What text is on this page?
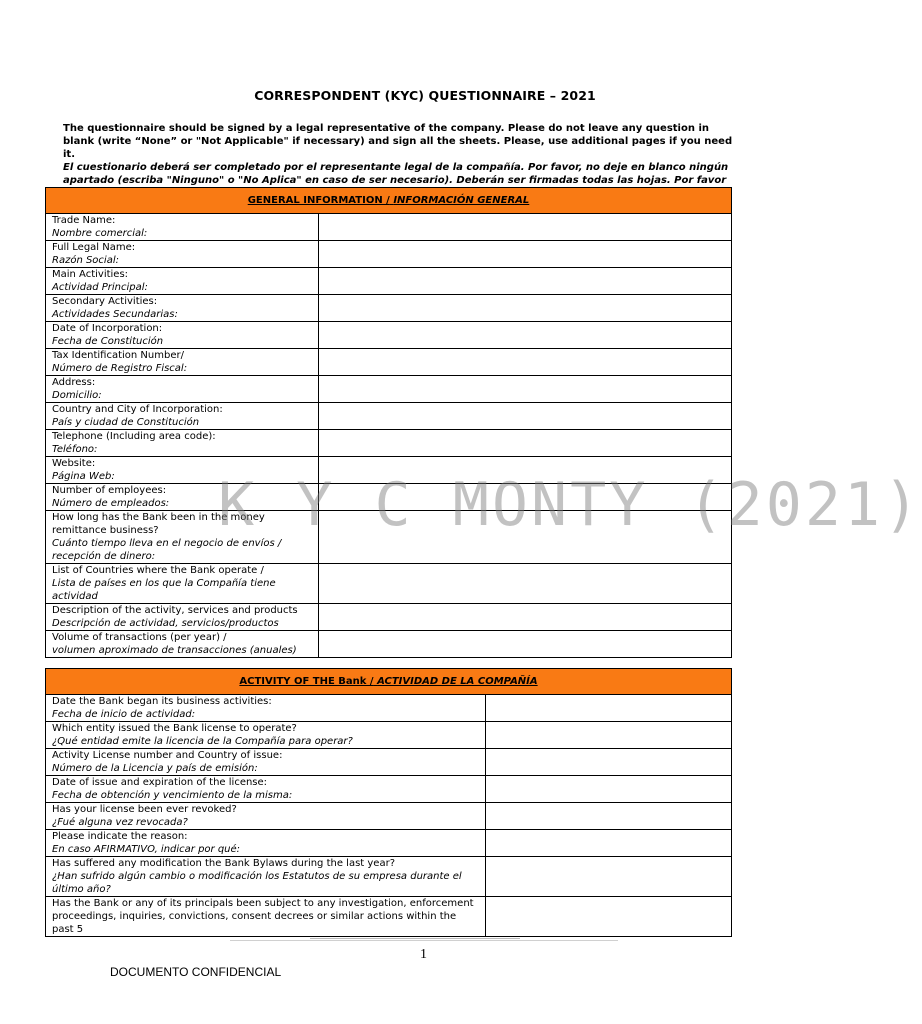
CORRESPONDENT (KYC) QUESTIONNAIRE – 2021
The questionnaire should be signed by a legal representative of the company. Please do not leave any question in blank (write “None” or "Not Applicable" if necessary) and sign all the sheets. Please, use additional pages if you need it.
El cuestionario deberá ser completado por el representante legal de la compañía. Por favor, no deje en blanco ningún apartado (escriba "Ninguno" o "No Aplica" en caso de ser necesario). Deberán ser firmadas todas las hojas. Por favor
GENERAL INFORMATION / INFORMACIÓN GENERAL	

Trade Name:
Nombre comercial:	

Full Legal Name:
Razón Social:	

Main Activities:
Actividad Principal:	

Secondary Activities:
Actividades Secundarias:	

Date of Incorporation:
Fecha de Constitución	

Tax Identification Number/
Número de Registro Fiscal:	

Address:
Domicilio:	

Country and City of Incorporation:
País y ciudad de Constitución	

Telephone (Including area code):
Teléfono:	

Website:
Página Web:	

Number of employees:
Número de empleados:	

How long has the Bank been in the money remittance business?
Cuánto tiempo lleva en el negocio de envíos / recepción de dinero:	

List of Countries where the Bank operate /
Lista de países en los que la Compañía tiene actividad	

Description of the activity, services and products
Descripción de actividad, servicios/productos	

Volume of transactions (per year) /
volumen aproximado de transacciones (anuales)	

K Y C MONTY (2021)
ACTIVITY OF THE Bank / ACTIVIDAD DE LA COMPAÑÍA	

Date the Bank began its business activities:
Fecha de inicio de actividad:	

Which entity issued the Bank license to operate?
¿Qué entidad emite la licencia de la Compañía para operar?	

Activity License number and Country of issue:
Número de la Licencia y país de emisión:	

Date of issue and expiration of the license:
Fecha de obtención y vencimiento de la misma:	

Has your license been ever revoked?
¿Fué alguna vez revocada?	

Please indicate the reason:
En caso AFIRMATIVO, indicar por qué:	

Has suffered any modification the Bank Bylaws during the last year?
¿Han sufrido algún cambio o modificación los Estatutos de su empresa durante el último año?	

Has the Bank or any of its principals been subject to any investigation, enforcement proceedings, inquiries, convictions, consent decrees or similar actions within the past 5	

1
DOCUMENTO CONFIDENCIAL
